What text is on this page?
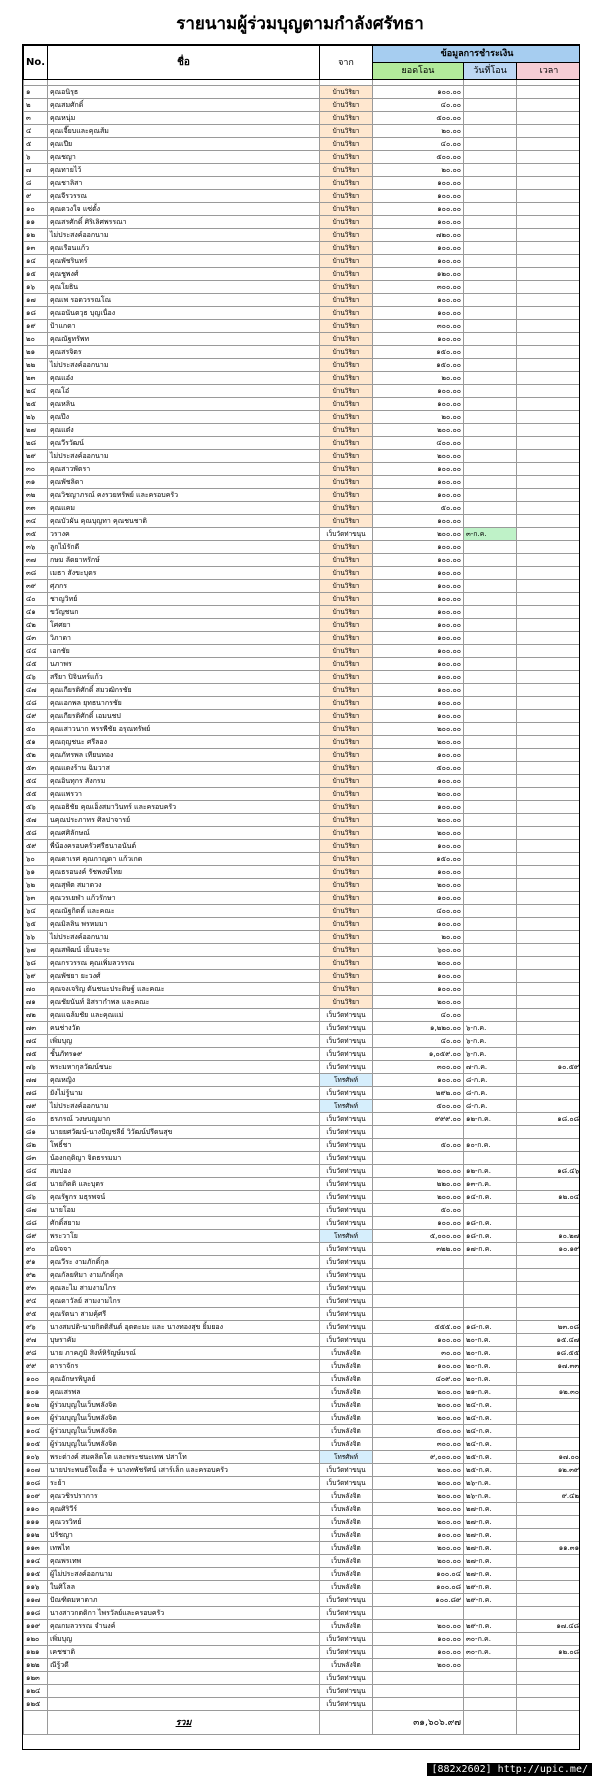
รายนามผู้ร่วมบุญตามกำลังศรัทธา
No.	ชื่อ	จาก	ข้อมูลการชำระเงิน		
			ยอดโอน	วันที่โอน	เวลา

๑	คุณอนิรุธ	บ้านวิริยา	๑๐๐.๐๐		
๒	คุณสมศักดิ์	บ้านวิริยา	๔๐.๐๐		
๓	คุณหนุ่ม	บ้านวิริยา	๕๐๐.๐๐		
๔	คุณเจี๊ยบและคุณส้ม	บ้านวิริยา	๒๐.๐๐		
๕	คุณเปีย	บ้านวิริยา	๔๐.๐๐		
๖	คุณชญา	บ้านวิริยา	๕๐๐.๐๐		
๗	คุณทายไว้	บ้านวิริยา	๒๐.๐๐		
๘	คุณชาลิสา	บ้านวิริยา	๑๐๐.๐๐		
๙	คุณจีรวรรณ	บ้านวิริยา	๑๐๐.๐๐		
๑๐	คุณดวงใจ แซ่ตั้ง	บ้านวิริยา	๑๐๐.๐๐		
๑๑	คุณสรศักดิ์ ศิริเลิศพรรณา	บ้านวิริยา	๑๐๐.๐๐		
๑๒	ไม่ประสงค์ออกนาม	บ้านวิริยา	๗๒๐.๐๐		
๑๓	คุณเรือนแก้ว	บ้านวิริยา	๑๐๐.๐๐		
๑๔	คุณพัชรินทร์	บ้านวิริยา	๑๐๐.๐๐		
๑๕	คุณชูพงศ์	บ้านวิริยา	๑๒๐.๐๐		
๑๖	คุณโยธิน	บ้านวิริยา	๓๐๐.๐๐		
๑๗	คุณเพ รอดวรรณโณ	บ้านวิริยา	๑๐๐.๐๐		
๑๘	คุณอนันตวุธ บุญเนื่อง	บ้านวิริยา	๑๐๐.๐๐		
๑๙	ป้าแกดา	บ้านวิริยา	๓๐๐.๐๐		
๒๐	คุณณัฐทรัพท	บ้านวิริยา	๑๐๐.๐๐		
๒๑	คุณสรจิตร	บ้านวิริยา	๑๕๐.๐๐		
๒๒	ไม่ประสงค์ออกนาม	บ้านวิริยา	๑๕๐.๐๐		
๒๓	คุณแอ๋ง	บ้านวิริยา	๒๐.๐๐		
๒๔	คุณโอ๋	บ้านวิริยา	๑๐๐.๐๐		
๒๕	คุณหลิน	บ้านวิริยา	๑๐๐.๐๐		
๒๖	คุณปึง	บ้านวิริยา	๒๐.๐๐		
๒๗	คุณแต๋ง	บ้านวิริยา	๒๐๐.๐๐		
๒๘	คุณวีรวัฒน์	บ้านวิริยา	๔๐๐.๐๐		
๒๙	ไม่ประสงค์ออกนาม	บ้านวิริยา	๒๐๐.๐๐		
๓๐	คุณสาวพัตรา	บ้านวิริยา	๑๐๐.๐๐		
๓๑	คุณพัชลิดา	บ้านวิริยา	๑๐๐.๐๐		
๓๒	คุณวิชญาภรณ์ คงรวยทรัพย์ และครอบครัว	บ้านวิริยา	๑๐๐.๐๐		
๓๓	คุณแคม	บ้านวิริยา	๕๐.๐๐		
๓๔	คุณบัวผัน คุณบุญทา คุณชนชาติ	บ้านวิริยา	๑๐๐.๐๐		
๓๕	วรางค	เว็บวัดท่าขนุน	๒๐๐.๐๐	๓-ก.ค.	
๓๖	ลูกไม้รักดี	บ้านวิริยา	๑๐๐.๐๐		
๓๗	กษม ลัดยาหรักษ์	บ้านวิริยา	๑๐๐.๐๐		
๓๘	เมธา สังขะบุตร	บ้านวิริยา	๑๐๐.๐๐		
๓๙	ศุภกร	บ้านวิริยา	๑๐๐.๐๐		
๔๐	ชาญวิทย์	บ้านวิริยา	๑๐๐.๐๐		
๔๑	ขวัญชนก	บ้านวิริยา	๑๐๐.๐๐		
๔๒	โศศยา	บ้านวิริยา	๑๐๐.๐๐		
๔๓	วิภาดา	บ้านวิริยา	๑๐๐.๐๐		
๔๔	เอกชัย	บ้านวิริยา	๑๐๐.๐๐		
๔๕	นภาพร	บ้านวิริยา	๑๐๐.๐๐		
๔๖	สรียา ปิจินทร์แก้ว	บ้านวิริยา	๑๐๐.๐๐		
๔๗	คุณเกียรติศักดิ์ สมวฒิกรชัย	บ้านวิริยา	๑๐๐.๐๐		
๔๘	คุณเอกพล ยุทธนากรชัย	บ้านวิริยา	๑๐๐.๐๐		
๔๙	คุณเกียรติศักดิ์ เอมนชป	บ้านวิริยา	๑๐๐.๐๐		
๕๐	คุณเสาวนาก พรรพีชัย อรุณทรัพย์	บ้านวิริยา	๒๐๐.๐๐		
๕๑	คุณฤญชนะ ศรีลอง	บ้านวิริยา	๒๐๐.๐๐		
๕๒	คุณภัทรพล เทียนทอง	บ้านวิริยา	๑๐๐.๐๐		
๕๓	คุณแดงร้าน ฉิมวาส	บ้านวิริยา	๕๐๐.๐๐		
๕๔	คุณอินทุกร สังกรม	บ้านวิริยา	๑๐๐.๐๐		
๕๕	คุณแพรวา	บ้านวิริยา	๒๐๐.๐๐		
๕๖	คุณอธิชัย คุณเอ็งสมาวินทร์ และครอบครัว	บ้านวิริยา	๑๐๐.๐๐		
๕๗	นคุณประภาทร ศิลปาจารย์	บ้านวิริยา	๒๐๐.๐๐		
๕๘	คุณศศิลักษณ์	บ้านวิริยา	๒๐๐.๐๐		
๕๙	พี่น้องครอบครัวศรีธนาอนันต์	บ้านวิริยา	๑๐๐.๐๐		
๖๐	คุณดาเรศ คุณกาญดา แก้วเกด	บ้านวิริยา	๑๕๐.๐๐		
๖๑	คุณธรอนงค์ รัชพงษ์ไทย	บ้านวิริยา	๑๐๐.๐๐		
๖๒	คุณสุพัต สมาดวง	บ้านวิริยา	๒๐๐.๐๐		
๖๓	คุณวรเยฬา แก้วรักษา	บ้านวิริยา	๑๐๐.๐๐		
๖๔	คุณณัฐกิตติ์ และคณะ	บ้านวิริยา	๔๐๐.๐๐		
๖๕	คุณมิลลิน พรหมมา	บ้านวิริยา	๑๐๐.๐๐		
๖๖	ไม่ประสงค์ออกนาม	บ้านวิริยา	๒๐.๐๐		
๖๗	คุณสพัฒน์ เย็นจะระ	บ้านวิริยา	๖๐๐.๐๐		
๖๘	คุณกรวรรณ คุณเพิ่มลวรรณ	บ้านวิริยา	๒๐๐.๐๐		
๖๙	คุณพัชยา ยะวงศ์	บ้านวิริยา	๑๐๐.๐๐		
๗๐	คุณจงเจริญ ตันชนะประดิษฐ์ และคณะ	บ้านวิริยา	๑๐๐.๐๐		
๗๑	คุณชัยนันท์ อิสรากำพล และคณะ	บ้านวิริยา	๒๐๐.๐๐		
๗๒	คุณแฉล้มชัย และคุณแม่	เว็บวัดท่าขนุน	๔๐.๐๐		
๗๓	คนช่างวัด	เว็บวัดท่าขนุน	๑,๒๒๐.๐๐	๖-ก.ค.	
๗๔	เพิ่มบุญ	เว็บวัดท่าขนุน	๔๐.๐๐	๖-ก.ค.	
๗๕	ชั้นภัทร๑๙	เว็บวัดท่าขนุน	๑,๐๕๙.๐๐	๖-ก.ค.	
๗๖	พระมหากุลวัฒน์ชนะ	เว็บวัดท่าขนุน	๓๐๐.๐๐	๗-ก.ค.	๑๐.๕๙
๗๗	คุณหญิง	โทรศัพท์	๑๐๐.๐๐	๘-ก.ค.	
๗๘	ยังไม่รู้นาม	เว็บวัดท่าขนุน	๒๙๒.๐๐	๘-ก.ค.	
๗๙	ไม่ประสงค์ออกนาม	โทรศัพท์	๕๐๐.๐๐	๘-ก.ค.	
๘๐	ธรภรณ์ วงษบญมาก	เว็บวัดท่าขนุน	๙๙๙.๐๐	๑๒-ก.ค.	๑๘.๐๘
๘๑	นายยศวัฒน์-นางปัญชลีย์ วิวัฒน์ปรีดนสุข	เว็บวัดท่าขนุน			
๘๒	โพธิ์ชา	เว็บวัดท่าขนุน	๕๐.๐๐	๑๐-ก.ค.	
๘๓	น้องกฤติญา จิตธรรมมา	เว็บวัดท่าขนุน			
๘๔	สมปอง	เว็บวัดท่าขนุน	๒๐๐.๐๐	๑๒-ก.ค.	๑๘.๔๖
๘๕	นายกิตติ และบุตร	เว็บวัดท่าขนุน	๒๒๐.๐๐	๑๓-ก.ค.	
๘๖	คุณรัฐกร มธุรพจน์	เว็บวัดท่าขนุน	๒๐๐.๐๐	๑๔-ก.ค.	๑๒.๐๔
๘๗	นายโอม	เว็บวัดท่าขนุน	๕๐.๐๐		
๘๘	ศักดิ์สยาม	เว็บวัดท่าขนุน	๑๐๐.๐๐	๑๘-ก.ค.	
๘๙	พระวาโย	โทรศัพท์	๕,๐๐๐.๐๐	๑๘-ก.ค.	๑๐.๒๗
๙๐	อนิจจา	เว็บวัดท่าขนุน	๓๒๒.๐๐	๑๗-ก.ค.	๑๐.๑๙
๙๑	คุณวีระ งามภักดิ์กุล	เว็บวัดท่าขนุน			
๙๒	คุณกัลยทิมา งามภักดิ์กุล	เว็บวัดท่าขนุน			
๙๓	คุณละไม สามงามไกร	เว็บวัดท่าขนุน			
๙๔	คุณดาวัลย์ สามงามไกร	เว็บวัดท่าขนุน			
๙๕	คุณรัตนา สามคุ้ศรี	เว็บวัดท่าขนุน			
๙๖	นางสมปติ-นายกิตติสันต์ อุตตะมะ และ นางทองสุข ยิ้มยอง	เว็บวัดท่าขนุน	๕๕๕.๐๐	๑๘-ก.ค.	๒๓.๐๘
๙๗	บุษราคัม	เว็บวัดท่าขนุน	๑๐๐.๐๐	๒๐-ก.ค.	๑๕.๔๗
๙๘	นาย ภาคภูมิ สิงห์หิรัญษ์มรณ์	เว็บพลังจิต	๓๐.๐๐	๒๐-ก.ค.	๑๘.๕๕
๙๙	ดาราจักร	เว็บพลังจิต	๑๐๐.๐๐	๒๐-ก.ค.	๑๗.๓๓
๑๐๐	คุณอักษรพิบูลย์	เว็บพลังจิต	๔๐๙.๐๐	๒๐-ก.ค.	
๑๐๑	คุณเสรพล	เว็บพลังจิต	๒๐๐.๐๐	๒๑-ก.ค.	๑๒.๓๐
๑๐๒	ผู้ร่วมบุญในเว็บพลังจิต	เว็บพลังจิต	๒๐๐.๐๐	๒๔-ก.ค.	
๑๐๓	ผู้ร่วมบุญในเว็บพลังจิต	เว็บพลังจิต	๒๐๐.๐๐	๒๔-ก.ค.	
๑๐๔	ผู้ร่วมบุญในเว็บพลังจิต	เว็บพลังจิต	๕๐๐.๐๐	๒๔-ก.ค.	
๑๐๕	ผู้ร่วมบุญในเว็บพลังจิต	เว็บพลังจิต	๓๐๐.๐๐	๒๔-ก.ค.	
๑๐๖	พระต่างค์ สมคลิตโต และพระชนะเทพ ปสาโท	โทรศัพท์	๙,๐๐๐.๐๐	๒๕-ก.ค.	๑๗.๐๐
๑๐๗	นายประพนธ์ใจเอื้อ + นางทพัชรัศน์ เสาร์เล็ก และครอบครัว	เว็บวัดท่าขนุน	๒๐๐.๐๐	๒๕-ก.ค.	๑๒.๓๙
๑๐๘	ระย้า	เว็บวัดท่าขนุน	๒๐๐.๐๐	๒๖-ก.ค.	
๑๐๙	คุณวชิรปราการ	เว็บพลังจิต	๒๐๐.๐๐	๒๖-ก.ค.	๙.๔๒
๑๑๐	คุณศิริวีร์	เว็บพลังจิต	๒๐๐.๐๐	๒๗-ก.ค.	
๑๑๑	คุณวรวิทย์	เว็บพลังจิต	๒๐๐.๐๐	๒๗-ก.ค.	
๑๑๒	ปรัชญา	เว็บพลังจิต	๑๐๐.๐๐	๒๗-ก.ค.	
๑๑๓	เทพไท	เว็บพลังจิต	๒๐๐.๐๐	๒๗-ก.ค.	๑๑.๓๑
๑๑๔	คุณพรเทพ	เว็บพลังจิต	๒๐๐.๐๐	๒๗-ก.ค.	
๑๑๕	ผู้ไม่ประสงค์ออกนาม	เว็บพลังจิต	๑๐๐.๐๔	๒๗-ก.ค.	
๑๑๖	ในศิโลล	เว็บพลังจิต	๑๐๐.๐๘	๒๙-ก.ค.	
๑๑๗	ปัณฑิตมหาดาภ	เว็บวัดท่าขนุน	๑๐๐.๘๙	๒๙-ก.ค.	
๑๑๘	นางสาวกตติกา ไพรวัลย์และครอบครัว	เว็บวัดท่าขนุน			
๑๑๙	คุณกมลวรรณ จำนงค์	เว็บพลังจิต	๒๐๐.๐๐	๒๙-ก.ค.	๑๗.๔๘
๑๒๐	เพิ่มบุญ	เว็บวัดท่าขนุน	๑๐๐.๐๐	๓๐-ก.ค.	
๑๒๑	เคชชาติ	เว็บวัดท่าขนุน	๑๐๐.๐๐	๓๐-ก.ค.	๑๒.๐๘
๑๒๒	ณีรู้วดี	เว็บพลังจิต	๒๐๐.๐๐		
๑๒๓		เว็บวัดท่าขนุน			
๑๒๔		เว็บวัดท่าขนุน			
๑๒๕		เว็บวัดท่าขนุน			
	รวม		๓๑,๖๐๖.๙๗		
[882x2602] http://upic.me/
